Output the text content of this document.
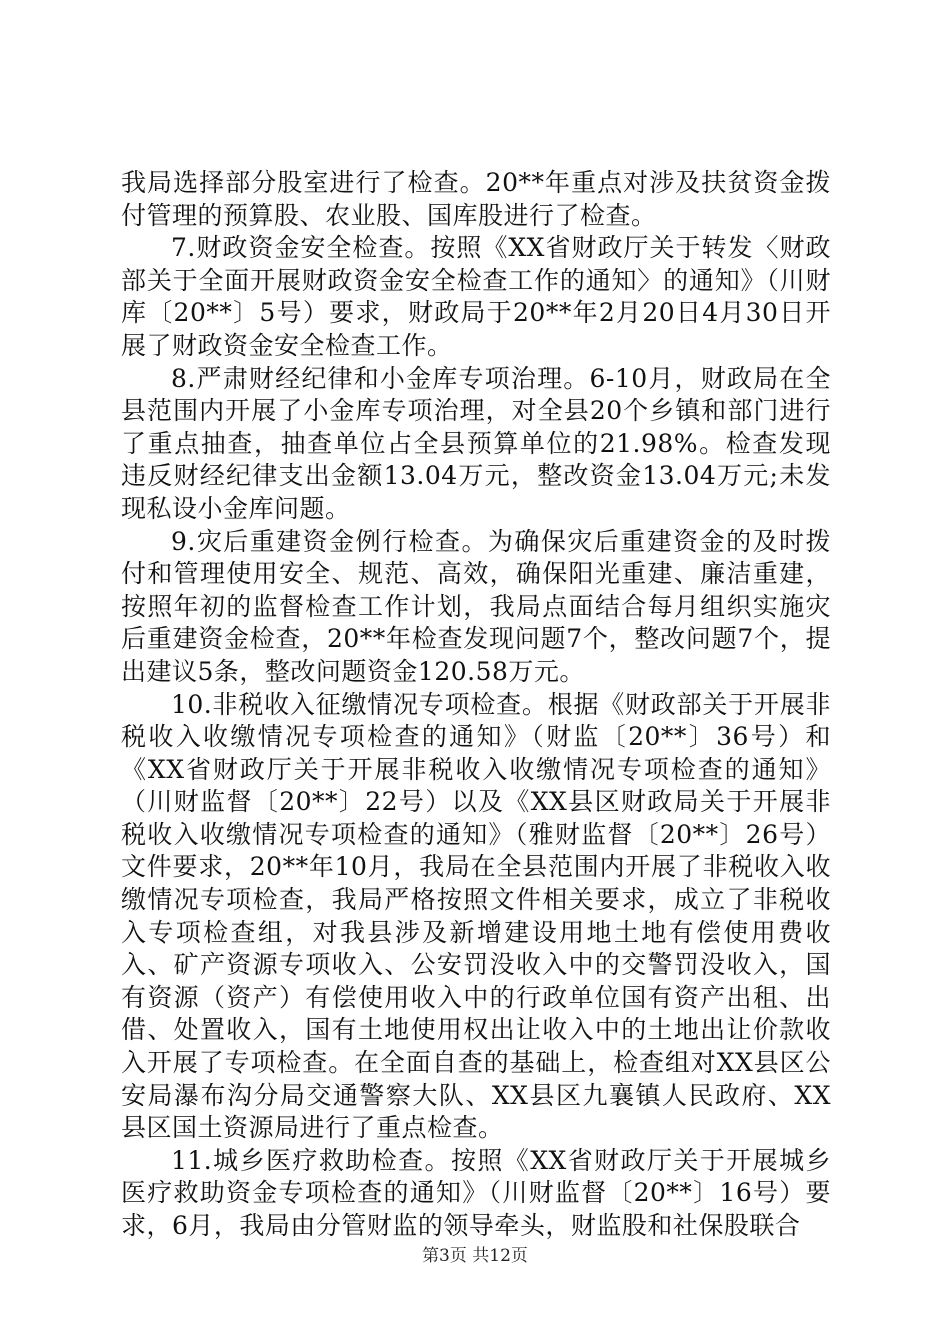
我局选择部分股室进行了检查。20**年重点对涉及扶贫资金拨付管理的预算股、农业股、国库股进行了检查。

7.财政资金安全检查。按照《XX省财政厅关于转发〈财政部关于全面开展财政资金安全检查工作的通知〉的通知》（川财库〔20**〕5号）要求，财政局于20**年2月20日4月30日开展了财政资金安全检查工作。

8.严肃财经纪律和小金库专项治理。6-10月，财政局在全县范围内开展了小金库专项治理，对全县20个乡镇和部门进行了重点抽查，抽查单位占全县预算单位的21.98%。检查发现违反财经纪律支出金额13.04万元，整改资金13.04万元;未发现私设小金库问题。

9.灾后重建资金例行检查。为确保灾后重建资金的及时拨付和管理使用安全、规范、高效，确保阳光重建、廉洁重建，按照年初的监督检查工作计划，我局点面结合每月组织实施灾后重建资金检查，20**年检查发现问题7个，整改问题7个，提出建议5条，整改问题资金120.58万元。

10.非税收入征缴情况专项检查。根据《财政部关于开展非税收入收缴情况专项检查的通知》（财监〔20**〕36号）和《XX省财政厅关于开展非税收入收缴情况专项检查的通知》（川财监督〔20**〕22号）以及《XX县区财政局关于开展非税收入收缴情况专项检查的通知》（雅财监督〔20**〕26号）文件要求，20**年10月，我局在全县范围内开展了非税收入收缴情况专项检查，我局严格按照文件相关要求，成立了非税收入专项检查组，对我县涉及新增建设用地土地有偿使用费收入、矿产资源专项收入、公安罚没收入中的交警罚没收入，国有资源（资产）有偿使用收入中的行政单位国有资产出租、出借、处置收入，国有土地使用权出让收入中的土地出让价款收入开展了专项检查。在全面自查的基础上，检查组对XX县区公安局瀑布沟分局交通警察大队、XX县区九襄镇人民政府、XX县区国土资源局进行了重点检查。

11.城乡医疗救助检查。按照《XX省财政厅关于开展城乡医疗救助资金专项检查的通知》（川财监督〔20**〕16号）要求，6月，我局由分管财监的领导牵头，财监股和社保股联合

第3页 共12页
